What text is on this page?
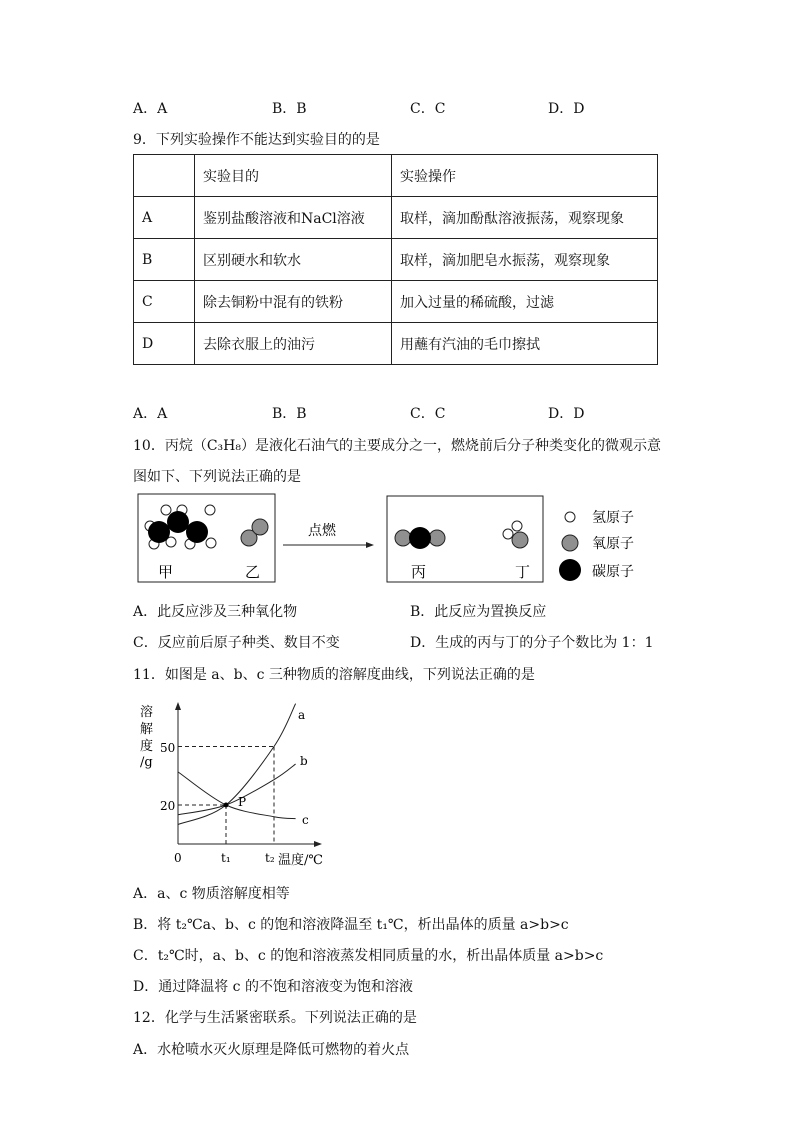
A．A	B．B	C．C	D．D
9．下列实验操作不能达到实验目的的是
	实验目的	实验操作
A	鉴别盐酸溶液和NaCl溶液	取样，滴加酚酞溶液振荡，观察现象
B	区别硬水和软水	取样，滴加肥皂水振荡，观察现象
C	除去铜粉中混有的铁粉	加入过量的稀硫酸，过滤
D	去除衣服上的油污	用蘸有汽油的毛巾擦拭
A．A	B．B	C．C	D．D
10．丙烷（C₃H₈）是液化石油气的主要成分之一，燃烧前后分子种类变化的微观示意
图如下、下列说法正确的是
甲	乙
点燃
丙	丁
氢原子
氧原子
碳原子
A．此反应涉及三种氧化物	B．此反应为置换反应
C．反应前后原子种类、数目不变	D．生成的丙与丁的分子个数比为 1：1
11．如图是 a、b、c 三种物质的溶解度曲线，下列说法正确的是
溶
解
度
/g
50
20
0	t₁	t₂ 温度/℃
a
b
c
P
A．a、c 物质溶解度相等
B．将 t₂℃a、b、c 的饱和溶液降温至 t₁℃，析出晶体的质量 a>b>c
C．t₂℃时，a、b、c 的饱和溶液蒸发相同质量的水，析出晶体质量 a>b>c
D．通过降温将 c 的不饱和溶液变为饱和溶液
12．化学与生活紧密联系。下列说法正确的是
A．水枪喷水灭火原理是降低可燃物的着火点
